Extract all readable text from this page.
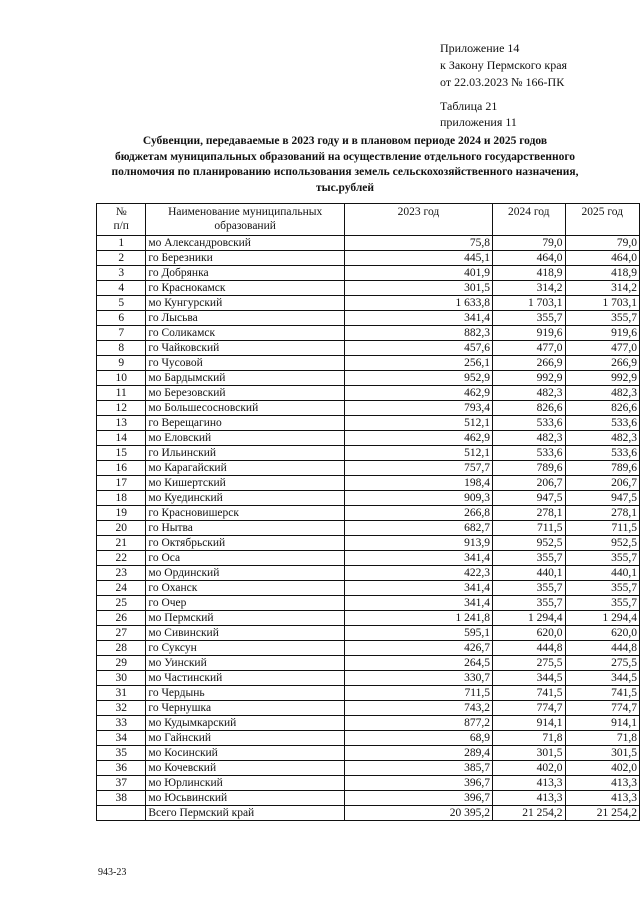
Приложение 14
к Закону Пермского края
от 22.03.2023 № 166-ПК
Таблица 21
приложения 11
Субвенции, передаваемые в 2023 году и в плановом периоде 2024 и 2025 годов
бюджетам муниципальных образований на осуществление отдельного государственного
полномочия по планированию использования земель сельскохозяйственного назначения,
тыс.рублей
№
п/п	Наименование муниципальных образований	2023 год	2024 год	2025 год
1	мо Александровский	75,8	79,0	79,0
2	го Березники	445,1	464,0	464,0
3	го Добрянка	401,9	418,9	418,9
4	го Краснокамск	301,5	314,2	314,2
5	мо Кунгурский	1 633,8	1 703,1	1 703,1
6	го Лысьва	341,4	355,7	355,7
7	го Соликамск	882,3	919,6	919,6
8	го Чайковский	457,6	477,0	477,0
9	го Чусовой	256,1	266,9	266,9
10	мо Бардымский	952,9	992,9	992,9
11	мо Березовский	462,9	482,3	482,3
12	мо Большесосновский	793,4	826,6	826,6
13	го Верещагино	512,1	533,6	533,6
14	мо Еловский	462,9	482,3	482,3
15	го Ильинский	512,1	533,6	533,6
16	мо Карагайский	757,7	789,6	789,6
17	мо Кишертский	198,4	206,7	206,7
18	мо Куединский	909,3	947,5	947,5
19	го Красновишерск	266,8	278,1	278,1
20	го Нытва	682,7	711,5	711,5
21	го Октябрьский	913,9	952,5	952,5
22	го Оса	341,4	355,7	355,7
23	мо Ординский	422,3	440,1	440,1
24	го Оханск	341,4	355,7	355,7
25	го Очер	341,4	355,7	355,7
26	мо Пермский	1 241,8	1 294,4	1 294,4
27	мо Сивинский	595,1	620,0	620,0
28	го Суксун	426,7	444,8	444,8
29	мо Уинский	264,5	275,5	275,5
30	мо Частинский	330,7	344,5	344,5
31	го Чердынь	711,5	741,5	741,5
32	го Чернушка	743,2	774,7	774,7
33	мо Кудымкарский	877,2	914,1	914,1
34	мо Гайнский	68,9	71,8	71,8
35	мо Косинский	289,4	301,5	301,5
36	мо Кочевский	385,7	402,0	402,0
37	мо Юрлинский	396,7	413,3	413,3
38	мо Юсьвинский	396,7	413,3	413,3
	Всего Пермский край	20 395,2	21 254,2	21 254,2
943-23
